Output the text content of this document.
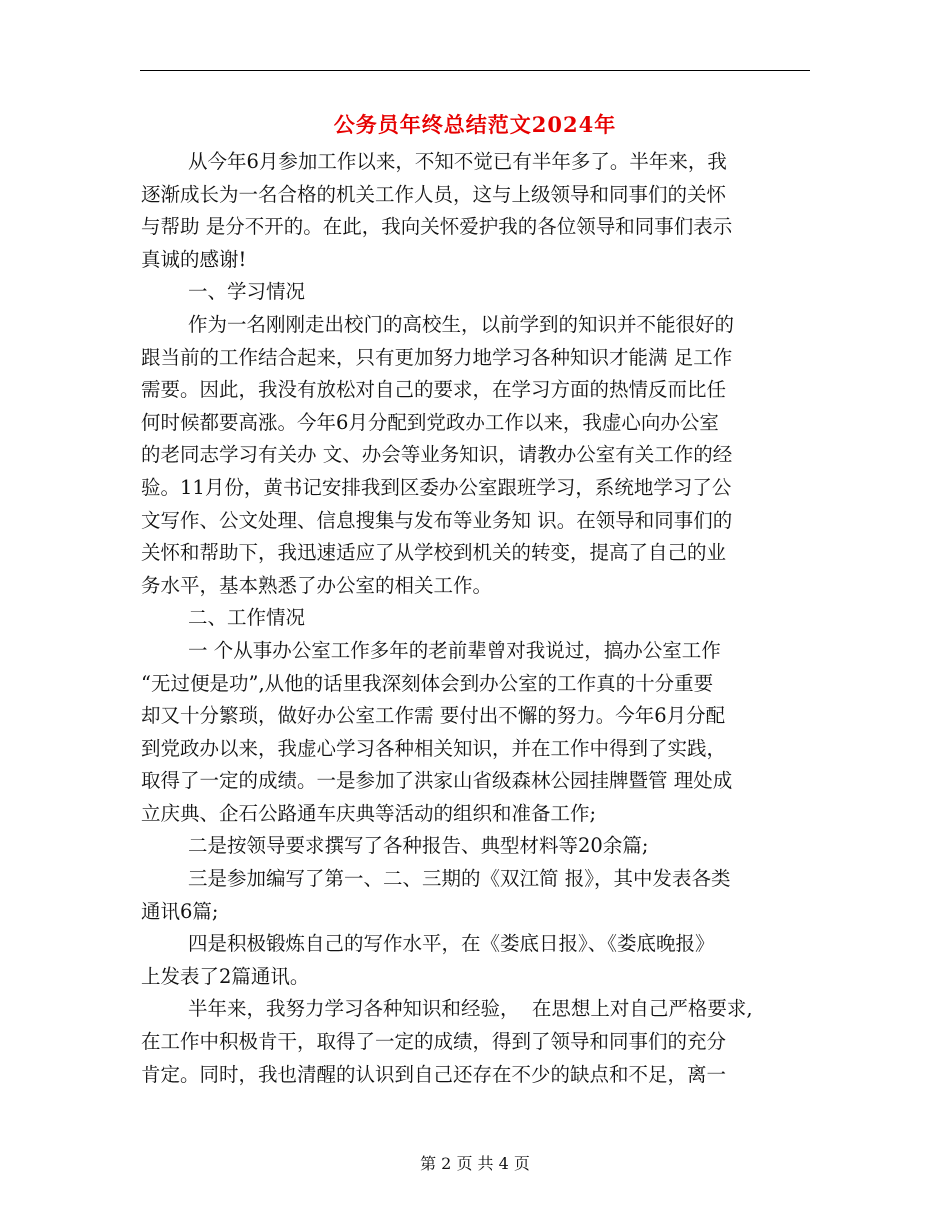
公务员年终总结范文2024年
从今年6月参加工作以来，不知不觉已有半年多了。半年来，我
逐渐成长为一名合格的机关工作人员，这与上级领导和同事们的关怀
与帮助 是分不开的。在此，我向关怀爱护我的各位领导和同事们表示
真诚的感谢!
一、学习情况
作为一名刚刚走出校门的高校生，以前学到的知识并不能很好的
跟当前的工作结合起来，只有更加努力地学习各种知识才能满 足工作
需要。因此，我没有放松对自己的要求，在学习方面的热情反而比任
何时候都要高涨。今年6月分配到党政办工作以来，我虚心向办公室
的老同志学习有关办 文、办会等业务知识，请教办公室有关工作的经
验。11月份，黄书记安排我到区委办公室跟班学习，系统地学习了公
文写作、公文处理、信息搜集与发布等业务知 识。在领导和同事们的
关怀和帮助下，我迅速适应了从学校到机关的转变，提高了自己的业
务水平，基本熟悉了办公室的相关工作。
二、工作情况
一 个从事办公室工作多年的老前辈曾对我说过，搞办公室工作
“无过便是功”,从他的话里我深刻体会到办公室的工作真的十分重要
却又十分繁琐，做好办公室工作需 要付出不懈的努力。今年6月分配
到党政办以来，我虚心学习各种相关知识，并在工作中得到了实践，
取得了一定的成绩。一是参加了洪家山省级森林公园挂牌暨管 理处成
立庆典、企石公路通车庆典等活动的组织和准备工作;
二是按领导要求撰写了各种报告、典型材料等20余篇;
三是参加编写了第一、二、三期的《双江简 报》，其中发表各类
通讯6篇;
四是积极锻炼自己的写作水平，在《娄底日报》、《娄底晚报》
上发表了2篇通讯。
半年来，我努力学习各种知识和经验，  在思想上对自己严格要求,
在工作中积极肯干，取得了一定的成绩，得到了领导和同事们的充分
肯定。同时，我也清醒的认识到自己还存在不少的缺点和不足，离一
第 2 页 共 4 页
